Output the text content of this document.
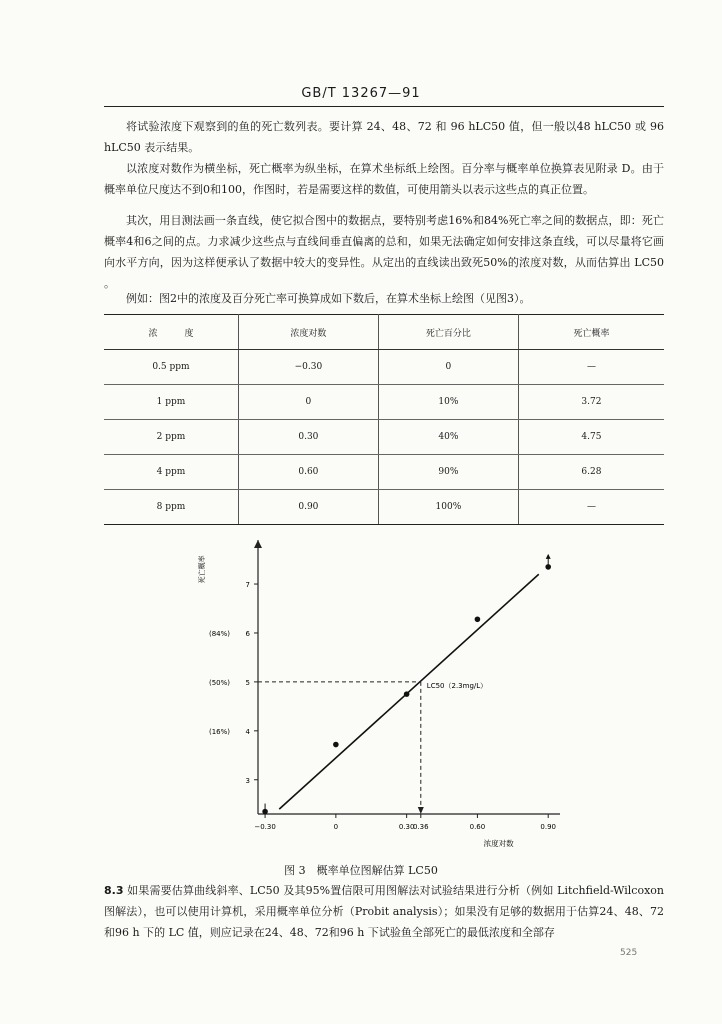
GB/T 13267—91
将试验浓度下观察到的鱼的死亡数列表。要计算 24、48、72 和 96 hLC50 值，但一般以48 hLC50 或 96 hLC50 表示结果。
以浓度对数作为横坐标，死亡概率为纵坐标，在算术坐标纸上绘图。百分率与概率单位换算表见附录 D。由于概率单位尺度达不到0和100，作图时，若是需要这样的数值，可使用箭头以表示这些点的真正位置。
其次，用目测法画一条直线，使它拟合图中的数据点，要特别考虑16%和84%死亡率之间的数据点，即：死亡概率4和6之间的点。力求减少这些点与直线间垂直偏离的总和，如果无法确定如何安排这条直线，可以尽量将它画向水平方向，因为这样便承认了数据中较大的变异性。从定出的直线读出致死50%的浓度对数，从而估算出 LC50 。
例如：图2中的浓度及百分死亡率可换算成如下数后，在算术坐标上绘图（见图3）。
浓　　　度	浓度对数	死亡百分比	死亡概率
0.5 ppm	−0.30	0	—
1 ppm	0	10%	3.72
2 ppm	0.30	40%	4.75
4 ppm	0.60	90%	6.28
8 ppm	0.90	100%	—
3
4
5
6
7
(16%)
(50%)
(84%)
死亡概率
−0.30	0	0.30
0.36	0.60	0.90
浓度对数
LC50（2.3mg/L）
图 3　概率单位图解估算 LC50
8.3 如果需要估算曲线斜率、LC50 及其95%置信限可用图解法对试验结果进行分析（例如 Litchfield-Wilcoxon 图解法），也可以使用计算机，采用概率单位分析（Probit analysis）；如果没有足够的数据用于估算24、48、72和96 h 下的 LC 值，则应记录在24、48、72和96 h 下试验鱼全部死亡的最低浓度和全部存
525
